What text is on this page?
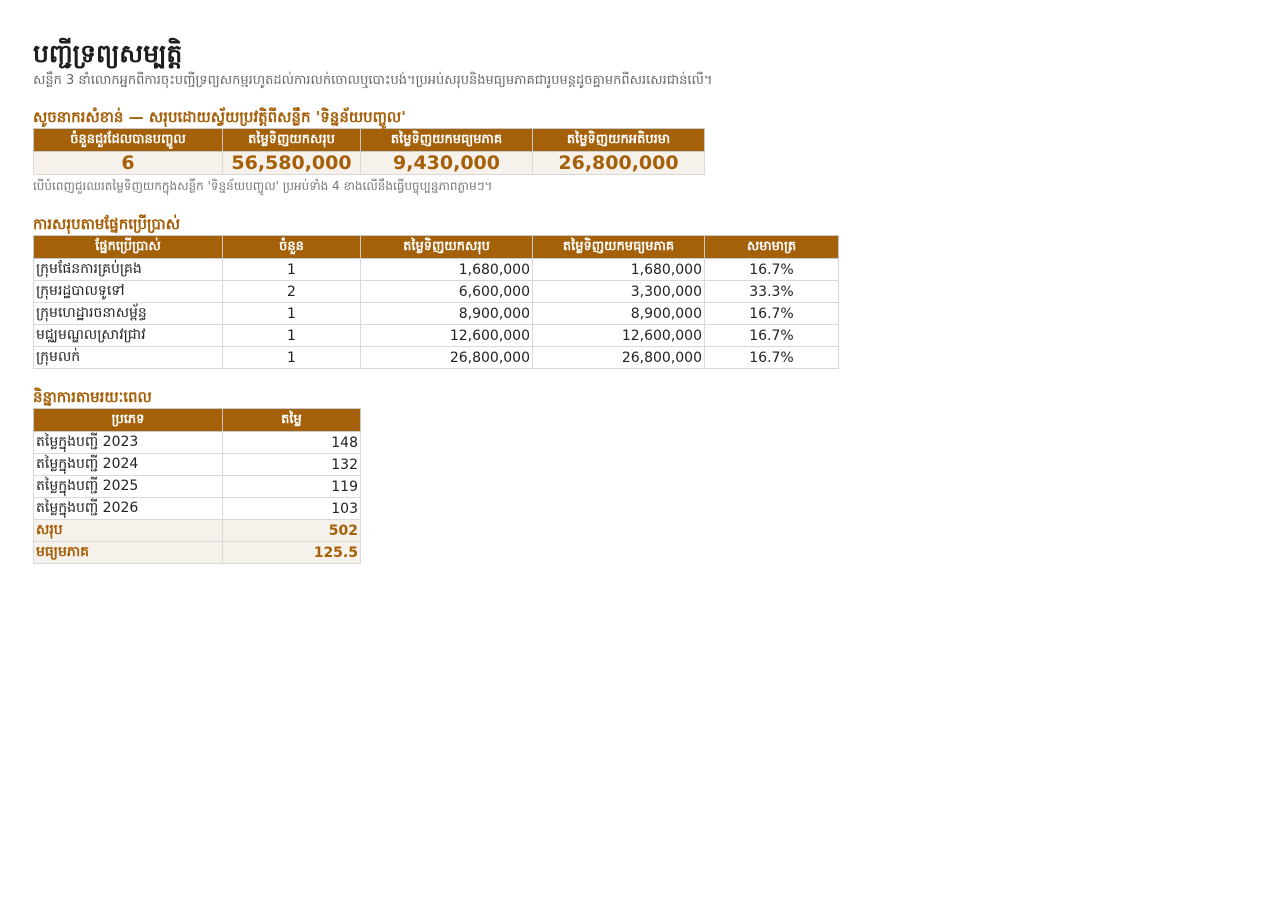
បញ្ជីទ្រព្យសម្បត្តិ
សន្លឹក 3 នាំលោកអ្នកពីការចុះបញ្ជីទ្រព្យសកម្មរហូតដល់ការលក់ចោលឬបោះបង់។ប្រអប់សរុបនិងមធ្យមភាគជារូបមន្តដូចគ្នាមកពីសរសេរជាន់លើ។
សូចនាករសំខាន់ — សរុបដោយស្វ័យប្រវត្តិពីសន្លឹក 'ទិន្នន័យបញ្ចូល'
ចំនួនជួរដែលបានបញ្ចូល	តម្លៃទិញយកសរុប	តម្លៃទិញយកមធ្យមភាគ	តម្លៃទិញយកអតិបរមា
6	56,580,000	9,430,000	26,800,000
បើបំពេញជួរឈរតម្លៃទិញយកក្នុងសន្លឹក 'ទិន្នន័យបញ្ចូល' ប្រអប់ទាំង 4 ខាងលើនឹងធ្វើបច្ចុប្បន្នភាពភ្លាមៗ។
ការសរុបតាមផ្នែកប្រើប្រាស់
ផ្នែកប្រើប្រាស់	ចំនួន	តម្លៃទិញយកសរុប	តម្លៃទិញយកមធ្យមភាគ	សមាមាត្រ
ក្រុមផែនការគ្រប់គ្រង	1	1,680,000	1,680,000	16.7%
ក្រុមរដ្ឋបាលទូទៅ	2	6,600,000	3,300,000	33.3%
ក្រុមហេដ្ឋារចនាសម្ព័ន្ធ	1	8,900,000	8,900,000	16.7%
មជ្ឈមណ្ឌលស្រាវជ្រាវ	1	12,600,000	12,600,000	16.7%
ក្រុមលក់	1	26,800,000	26,800,000	16.7%
និន្នាការតាមរយៈពេល
ប្រភេទ	តម្លៃ
តម្លៃក្នុងបញ្ជី 2023	148
តម្លៃក្នុងបញ្ជី 2024	132
តម្លៃក្នុងបញ្ជី 2025	119
តម្លៃក្នុងបញ្ជី 2026	103
សរុប	502
មធ្យមភាគ	125.5
